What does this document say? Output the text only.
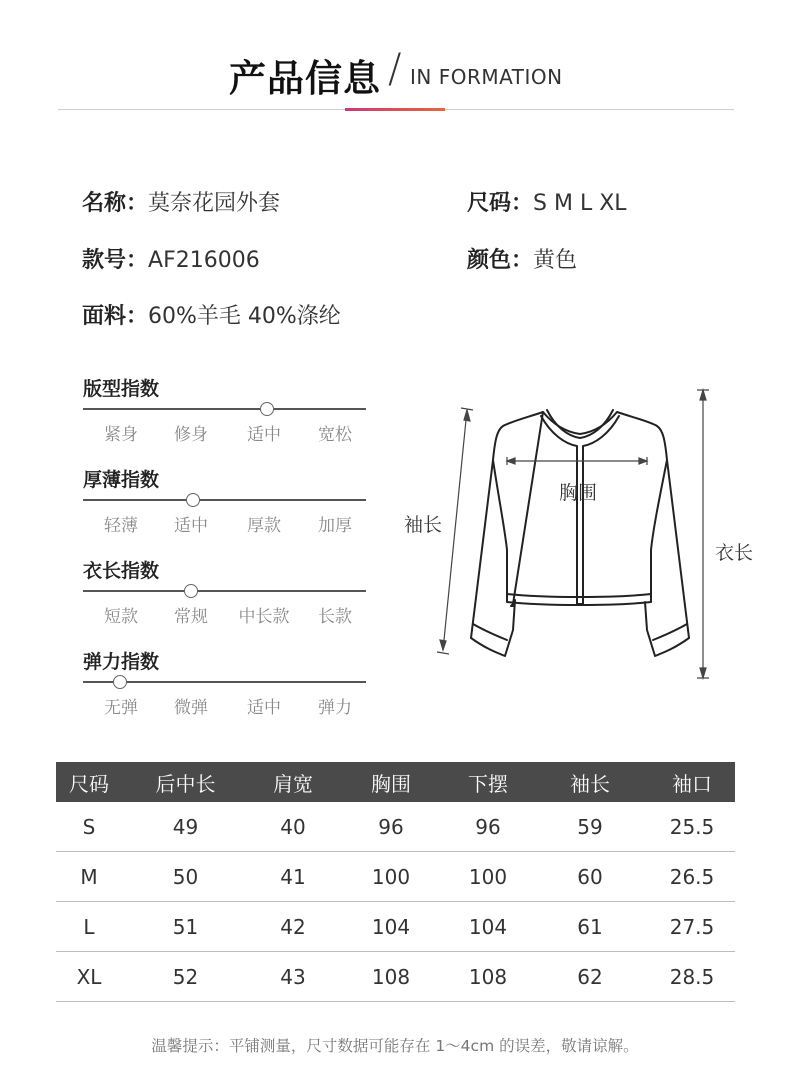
产品信息 / IN FORMATION
名称：莫奈花园外套	尺码：S M L XL
款号：AF216006	颜色：黄色
面料：60%羊毛 40%涤纶
版型指数
紧身	修身	适中	宽松
厚薄指数
轻薄	适中	厚款	加厚
衣长指数
短款	常规	中长款	长款
弹力指数
无弹	微弹	适中	弹力
胸围
袖长
衣长
尺码	后中长	肩宽	胸围	下摆	袖长	袖口
S	49	40	96	96	59	25.5
M	50	41	100	100	60	26.5
L	51	42	104	104	61	27.5
XL	52	43	108	108	62	28.5
温馨提示：平铺测量，尺寸数据可能存在 1～4cm 的误差，敬请谅解。
